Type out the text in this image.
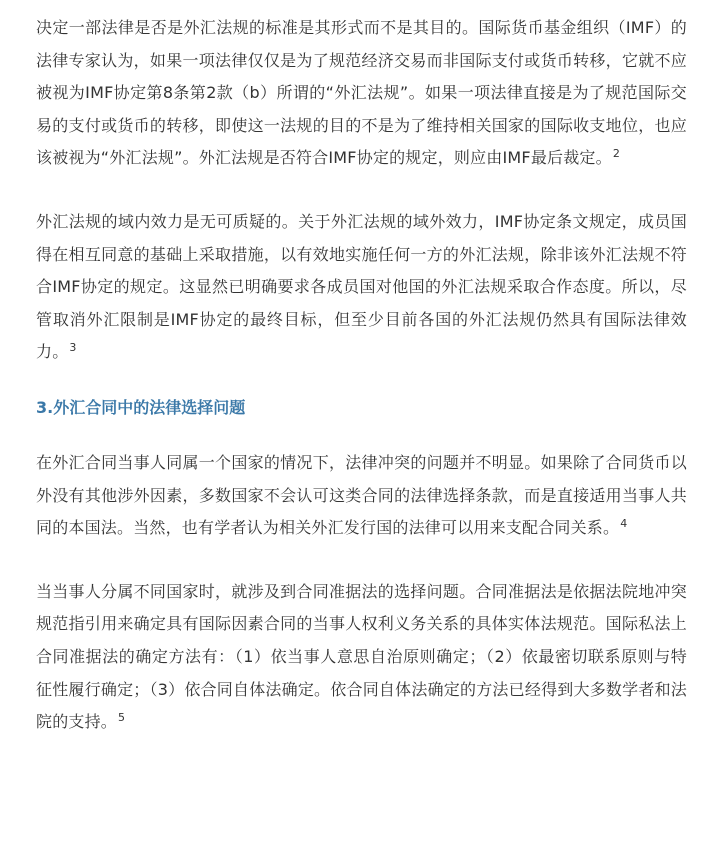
决定一部法律是否是外汇法规的标准是其形式而不是其目的。国际货币基金组织（IMF）的法律专家认为，如果一项法律仅仅是为了规范经济交易而非国际支付或货币转移，它就不应被视为IMF协定第8条第2款（b）所谓的“外汇法规”。如果一项法律直接是为了规范国际交易的支付或货币的转移，即使这一法规的目的不是为了维持相关国家的国际收支地位，也应该被视为“外汇法规”。外汇法规是否符合IMF协定的规定，则应由IMF最后裁定。$^2$

外汇法规的域内效力是无可质疑的。关于外汇法规的域外效力，IMF协定条文规定，成员国得在相互同意的基础上采取措施，以有效地实施任何一方的外汇法规，除非该外汇法规不符合IMF协定的规定。这显然已明确要求各成员国对他国的外汇法规采取合作态度。所以，尽管取消外汇限制是IMF协定的最终目标，但至少目前各国的外汇法规仍然具有国际法律效力。$^3$

3.外汇合同中的法律选择问题

在外汇合同当事人同属一个国家的情况下，法律冲突的问题并不明显。如果除了合同货币以外没有其他涉外因素，多数国家不会认可这类合同的法律选择条款，而是直接适用当事人共同的本国法。当然，也有学者认为相关外汇发行国的法律可以用来支配合同关系。$^4$

当当事人分属不同国家时，就涉及到合同准据法的选择问题。合同准据法是依据法院地冲突规范指引用来确定具有国际因素合同的当事人权利义务关系的具体实体法规范。国际私法上合同准据法的确定方法有：（1）依当事人意思自治原则确定；（2）依最密切联系原则与特征性履行确定；（3）依合同自体法确定。依合同自体法确定的方法已经得到大多数学者和法院的支持。$^5$
